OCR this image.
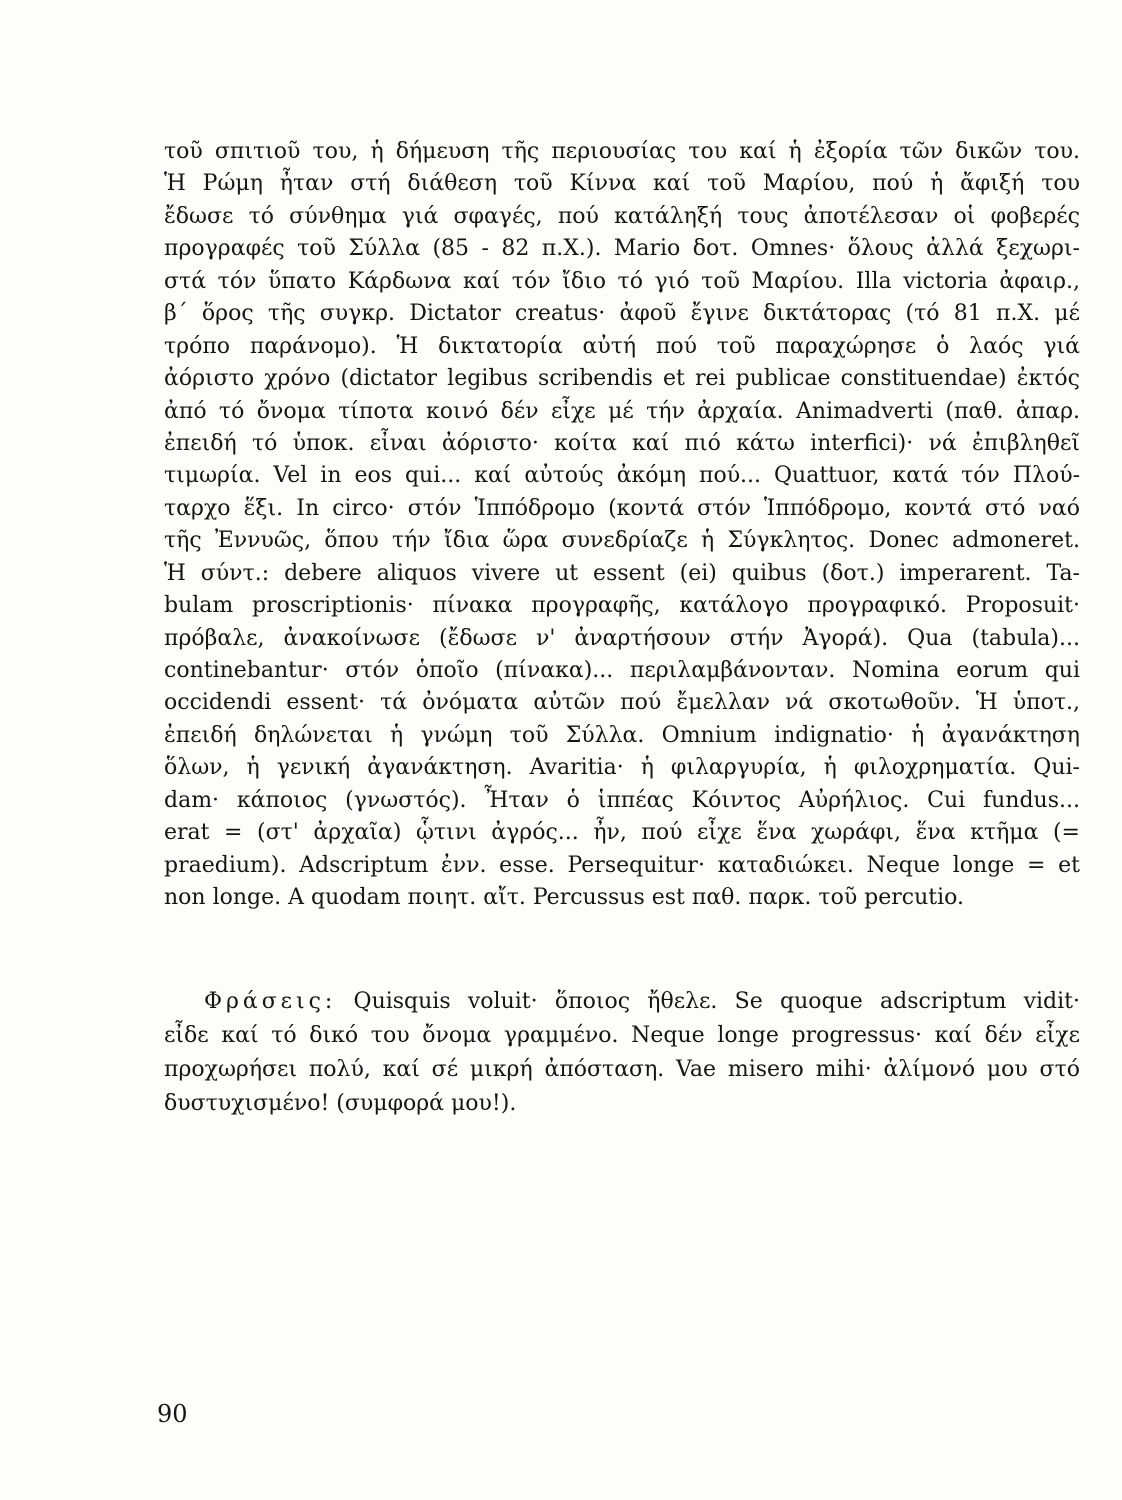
τοῦ σπιτιοῦ του, ἡ δήμευση τῆς περιουσίας του καί ἡ ἐξορία τῶν δικῶν του.
Ἡ Ρώμη ἦταν στή διάθεση τοῦ Κίννα καί τοῦ Μαρίου, πού ἡ ἄφιξή του
ἔδωσε τό σύνθημα γιά σφαγές, πού κατάληξή τους ἀποτέλεσαν οἱ φοβερές
προγραφές τοῦ Σύλλα (85 - 82 π.Χ.). Mario δοτ. Omnes· ὅλους ἀλλά ξεχωρι-
στά τόν ὕπατο Κάρδωνα καί τόν ἴδιο τό γιό τοῦ Μαρίου. Illa victoria ἀφαιρ.,
β´ ὅρος τῆς συγκρ. Dictator creatus· ἀφοῦ ἔγινε δικτάτορας (τό 81 π.Χ. μέ
τρόπο παράνομο). Ἡ δικτατορία αὐτή πού τοῦ παραχώρησε ὁ λαός γιά
ἀόριστο χρόνο (dictator legibus scribendis et rei publicae constituendae) ἐκτός
ἀπό τό ὄνομα τίποτα κοινό δέν εἶχε μέ τήν ἀρχαία. Animadverti (παθ. ἀπαρ.
ἐπειδή τό ὑποκ. εἶναι ἀόριστο· κοίτα καί πιό κάτω interfici)· νά ἐπιβληθεῖ
τιμωρία. Vel in eos qui... καί αὐτούς ἀκόμη πού... Quattuor, κατά τόν Πλού-
ταρχο ἕξι. In circo· στόν Ἱππόδρομο (κοντά στόν Ἱππόδρομο, κοντά στό ναό
τῆς Ἐννυῶς, ὅπου τήν ἴδια ὥρα συνεδρίαζε ἡ Σύγκλητος. Donec admoneret.
Ἡ σύντ.: debere aliquos vivere ut essent (ei) quibus (δοτ.) imperarent. Ta-
bulam proscriptionis· πίνακα προγραφῆς, κατάλογο προγραφικό. Proposuit·
πρόβαλε, ἀνακοίνωσε (ἔδωσε ν' ἀναρτήσουν στήν Ἀγορά). Qua (tabula)...
continebantur· στόν ὁποῖο (πίνακα)... περιλαμβάνονταν. Nomina eorum qui
occidendi essent· τά ὀνόματα αὐτῶν πού ἔμελλαν νά σκοτωθοῦν. Ἡ ὑποτ.,
ἐπειδή δηλώνεται ἡ γνώμη τοῦ Σύλλα. Omnium indignatio· ἡ ἀγανάκτηση
ὅλων, ἡ γενική ἀγανάκτηση. Avaritia· ἡ φιλαργυρία, ἡ φιλοχρηματία. Qui-
dam· κάποιος (γνωστός). Ἦταν ὁ ἱππέας Κόιντος Αὐρήλιος. Cui fundus...
erat = (στ' ἀρχαῖα) ᾧτινι ἀγρός... ἦν, πού εἶχε ἕνα χωράφι, ἕνα κτῆμα (=
praedium). Adscriptum ἐνν. esse. Persequitur· καταδιώκει. Neque longe = et
non longe. A quodam ποιητ. αἴτ. Percussus est παθ. παρκ. τοῦ percutio.
Φράσεις: Quisquis voluit· ὅποιος ἤθελε. Se quoque adscriptum vidit·
εἶδε καί τό δικό του ὄνομα γραμμένο. Neque longe progressus· καί δέν εἶχε
προχωρήσει πολύ, καί σέ μικρή ἀπόσταση. Vae misero mihi· ἀλίμονό μου στό
δυστυχισμένο! (συμφορά μου!).
90
